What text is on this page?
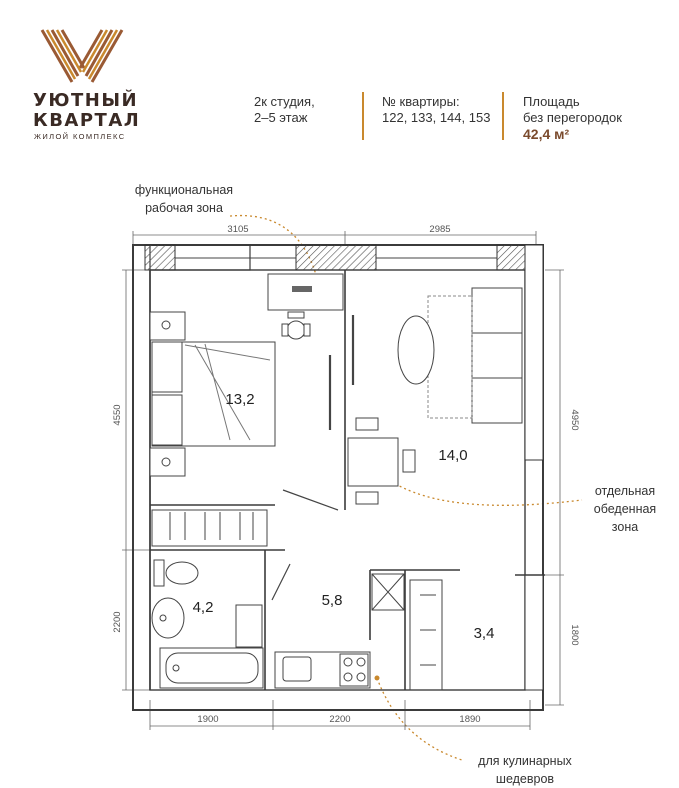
УЮТНЫЙ
КВАРТАЛ
ЖИЛОЙ КОМПЛЕКС
2к студия,
2–5 этаж
№ квартиры:
122, 133, 144, 153
Площадь
без перегородок
42,4 м²
функциональная
рабочая зона
отдельная
обеденная
зона
для кулинарных
шедевров
3105	2985
4550
2200
4950
1800
1900	2200	1890
13,2
14,0
4,2	5,8
3,4
